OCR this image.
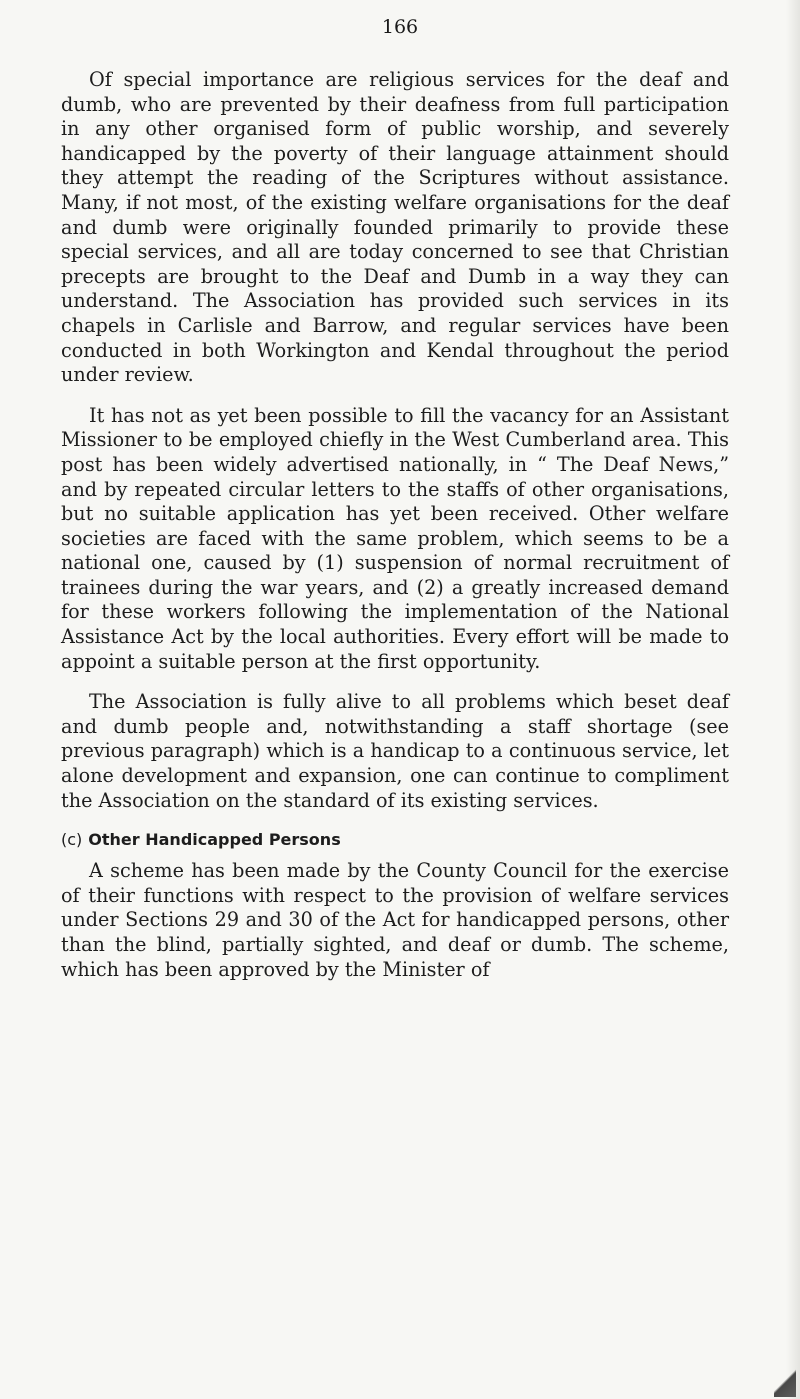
166

Of special importance are religious services for the deaf and dumb, who are prevented by their deafness from full participation in any other organised form of public worship, and severely handicapped by the poverty of their language attainment should they attempt the reading of the Scriptures without assistance. Many, if not most, of the existing welfare organisations for the deaf and dumb were originally founded primarily to provide these special services, and all are today concerned to see that Christian precepts are brought to the Deaf and Dumb in a way they can understand. The Association has provided such services in its chapels in Carlisle and Barrow, and regular services have been conducted in both Workington and Kendal throughout the period under review.

It has not as yet been possible to fill the vacancy for an Assistant Missioner to be employed chiefly in the West Cumberland area. This post has been widely advertised nationally, in “ The Deaf News,” and by repeated circular letters to the staffs of other organisations, but no suitable application has yet been received. Other welfare societies are faced with the same problem, which seems to be a national one, caused by (1) suspension of normal recruitment of trainees during the war years, and (2) a greatly increased demand for these workers following the implementation of the National Assistance Act by the local authorities. Every effort will be made to appoint a suitable person at the first opportunity.

The Association is fully alive to all problems which beset deaf and dumb people and, notwithstanding a staff shortage (see previous paragraph) which is a handicap to a continuous service, let alone development and expansion, one can continue to compliment the Association on the standard of its existing services.

(c) Other Handicapped Persons

A scheme has been made by the County Council for the exercise of their functions with respect to the provision of welfare services under Sections 29 and 30 of the Act for handicapped persons, other than the blind, partially sighted, and deaf or dumb. The scheme, which has been approved by the Minister of
